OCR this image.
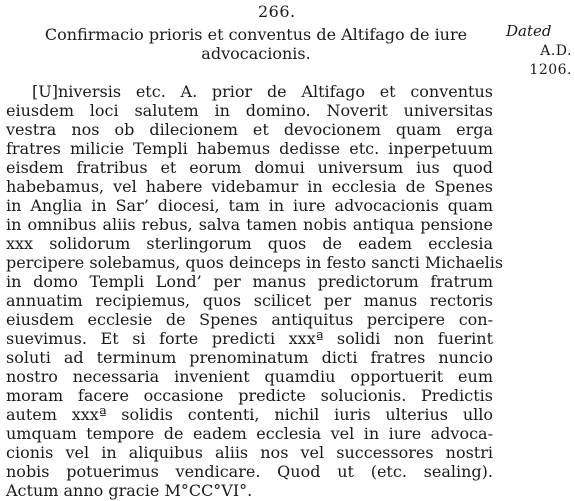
266.
Confirmacio prioris et conventus de Altifago de iure
advocacionis.
Dated
A.D. 1206.
[U]niversis etc. A. prior de Altifago et conventus
eiusdem loci salutem in domino. Noverit universitas
vestra nos ob dilecionem et devocionem quam erga
fratres milicie Templi habemus dedisse etc. inperpetuum
eisdem fratribus et eorum domui universum ius quod
habebamus, vel habere videbamur in ecclesia de Spenes
in Anglia in Sar’ diocesi, tam in iure advocacionis quam
in omnibus aliis rebus, salva tamen nobis antiqua pensione
xxx solidorum sterlingorum quos de eadem ecclesia
percipere solebamus, quos deinceps in festo sancti Michaelis
in domo Templi Lond’ per manus predictorum fratrum
annuatim recipiemus, quos scilicet per manus rectoris
eiusdem ecclesie de Spenes antiquitus percipere con-
suevimus. Et si forte predicti xxxª solidi non fuerint
soluti ad terminum prenominatum dicti fratres nuncio
nostro necessaria invenient quamdiu opportuerit eum
moram facere occasione predicte solucionis. Predictis
autem xxxª solidis contenti, nichil iuris ulterius ullo
umquam tempore de eadem ecclesia vel in iure advoca-
cionis vel in aliquibus aliis nos vel successores nostri
nobis potuerimus vendicare. Quod ut (etc. sealing).
Actum anno gracie M°CC°VI°.
